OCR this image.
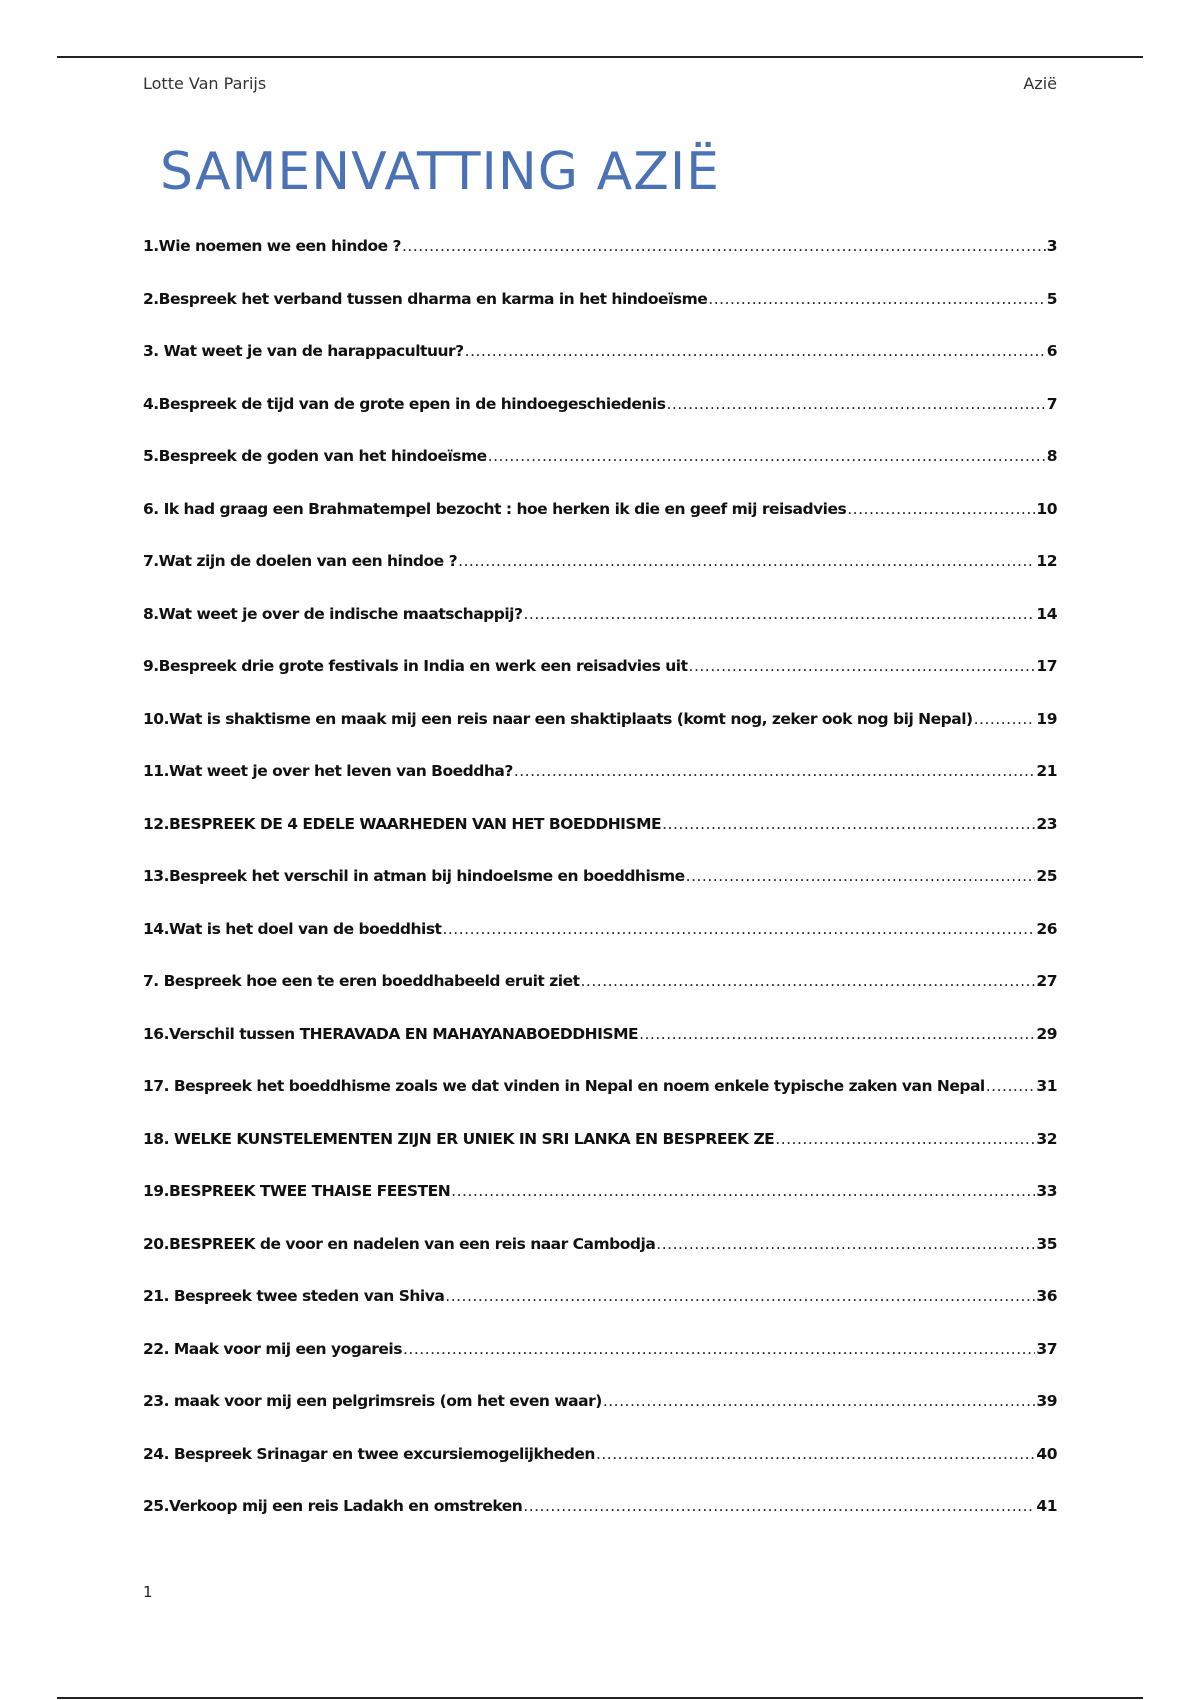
Lotte Van Parijs	Azië
SAMENVATTING AZIË
1.Wie noemen we een hindoe ? .....	3
2.Bespreek het verband tussen dharma en karma in het hindoeïsme .....	5
3. Wat weet je van de harappacultuur? .....	6
4.Bespreek de tijd van de grote epen in de hindoegeschiedenis .....	7
5.Bespreek de goden van het hindoeïsme .....	8
6. Ik had graag een Brahmatempel bezocht : hoe herken ik die en geef mij reisadvies .....	10
7.Wat zijn de doelen van een hindoe ? .....	12
8.Wat weet je over de indische maatschappij? .....	14
9.Bespreek drie grote festivals in India en werk een reisadvies uit .....	17
10.Wat is shaktisme en maak mij een reis naar een shaktiplaats (komt nog, zeker ook nog bij Nepal) .....	19
11.Wat weet je over het leven van Boeddha? .....	21
12.BESPREEK DE 4 EDELE WAARHEDEN VAN HET BOEDDHISME .....	23
13.Bespreek het verschil in atman bij hindoeIsme en boeddhisme .....	25
14.Wat is het doel van de boeddhist .....	26
7. Bespreek hoe een te eren boeddhabeeld eruit ziet .....	27
16.Verschil tussen THERAVADA EN MAHAYANABOEDDHISME .....	29
17. Bespreek het boeddhisme zoals we dat vinden in Nepal en noem enkele typische zaken van Nepal .....	31
18. WELKE KUNSTELEMENTEN ZIJN ER UNIEK IN SRI LANKA EN BESPREEK ZE .....	32
19.BESPREEK TWEE THAISE FEESTEN .....	33
20.BESPREEK de voor en nadelen van een reis naar Cambodja .....	35
21. Bespreek twee steden van Shiva .....	36
22. Maak voor mij een yogareis .....	37
23. maak voor mij een pelgrimsreis (om het even waar) .....	39
24. Bespreek Srinagar en twee excursiemogelijkheden .....	40
25.Verkoop mij een reis Ladakh en omstreken .....	41
1
